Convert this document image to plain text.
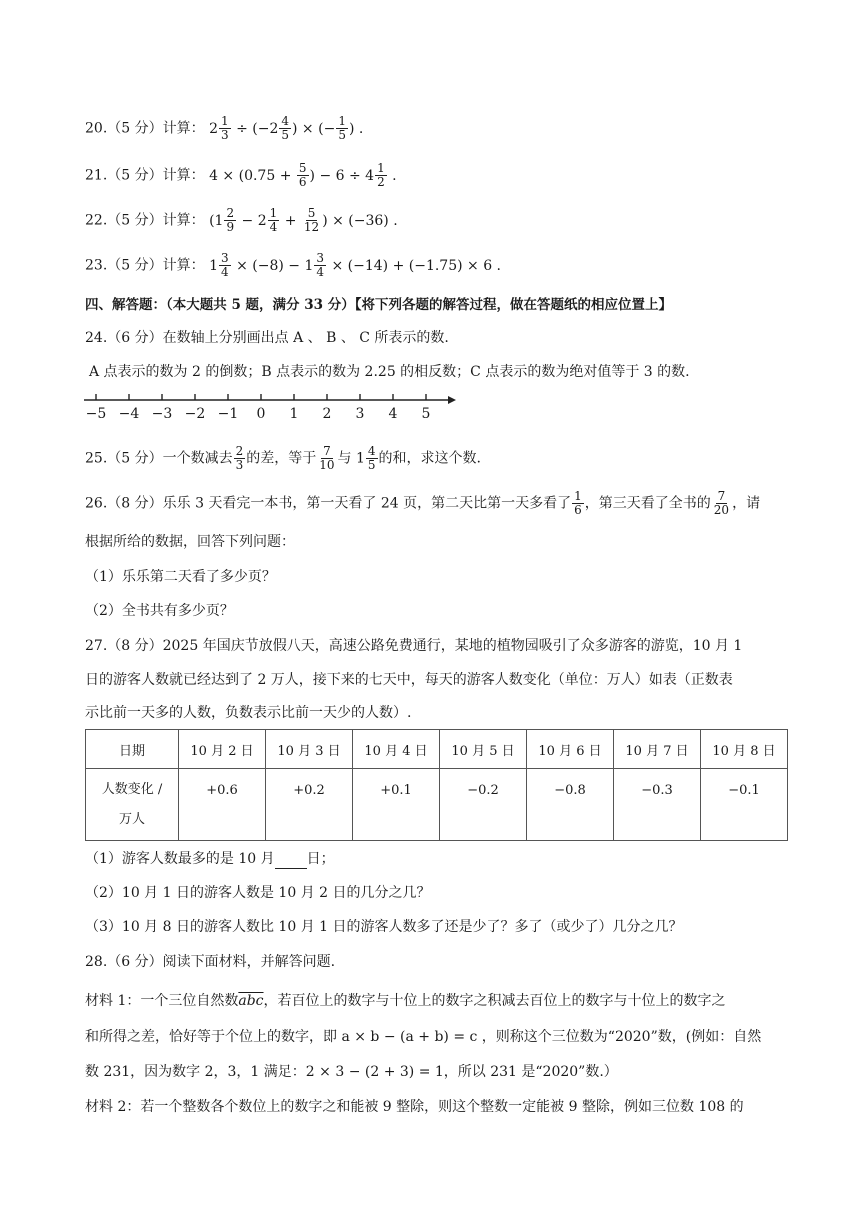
20.（5 分）计算： $2 \frac{1}{3} \div (-2 \frac{4}{5}$ ) × (− $\frac{1}{5}$ ) .
21.（5 分）计算： $4 \times (0.75 + \frac{5}{6}$ ) − $6 \div 4 \frac{1}{2}$ .
22.（5 分）计算： ($1 \frac{2}{9} - 2 \frac{1}{4} + \frac{5}{12}$ ) × (−36) .
23.（5 分）计算： $1 \frac{3}{4} \times (-8) - 1 \frac{3}{4} \times (-14) + (-1.75) \times 6$ .
四、解答题：（本大题共 5 题，满分 33 分）【将下列各题的解答过程，做在答题纸的相应位置上】
24.（6 分）在数轴上分别画出点 A 、 B 、 C 所表示的数.
A 点表示的数为 2 的倒数；B 点表示的数为 2.25 的相反数；C 点表示的数为绝对值等于 3 的数.
−5 −4 −3 −2 −1 0 1 2 3 4 5
25.（5 分）一个数减去 $\frac{2}{3}$ 的差，等于 $\frac{7}{10}$ 与 $1 \frac{4}{5}$ 的和，求这个数.
26.（8 分）乐乐 3 天看完一本书，第一天看了 24 页，第二天比第一天多看了 $\frac{1}{6}$ ，第三天看了全书的 $\frac{7}{20}$ ，请
根据所给的数据，回答下列问题：
（1）乐乐第二天看了多少页？
（2）全书共有多少页？
27.（8 分）2025 年国庆节放假八天，高速公路免费通行，某地的植物园吸引了众多游客的游览，10 月 1
日的游客人数就已经达到了 2 万人，接下来的七天中，每天的游客人数变化（单位：万人）如表（正数表
示比前一天多的人数，负数表示比前一天少的人数）.
日期	10 月 2 日	10 月 3 日	10 月 4 日	10 月 5 日	10 月 6 日	10 月 7 日	10 月 8 日

人数变化 /
万人	+0.6	+0.2	+0.1	−0.2	−0.8	−0.3	−0.1
（1）游客人数最多的是 10 月 日；
（2）10 月 1 日的游客人数是 10 月 2 日的几分之几？
（3）10 月 8 日的游客人数比 10 月 1 日的游客人数多了还是少了？多了（或少了）几分之几？
28.（6 分）阅读下面材料，并解答问题.
材料 1：一个三位自然数$\overline{abc}$，若百位上的数字与十位上的数字之积减去百位上的数字与十位上的数字之
和所得之差，恰好等于个位上的数字，即 a × b − (a + b) = c ，则称这个三位数为“2020”数，(例如：自然
数 231，因为数字 2，3，1 满足：2 × 3 − (2 + 3) = 1，所以 231 是“2020”数.）
材料 2：若一个整数各个数位上的数字之和能被 9 整除，则这个整数一定能被 9 整除，例如三位数 108 的
